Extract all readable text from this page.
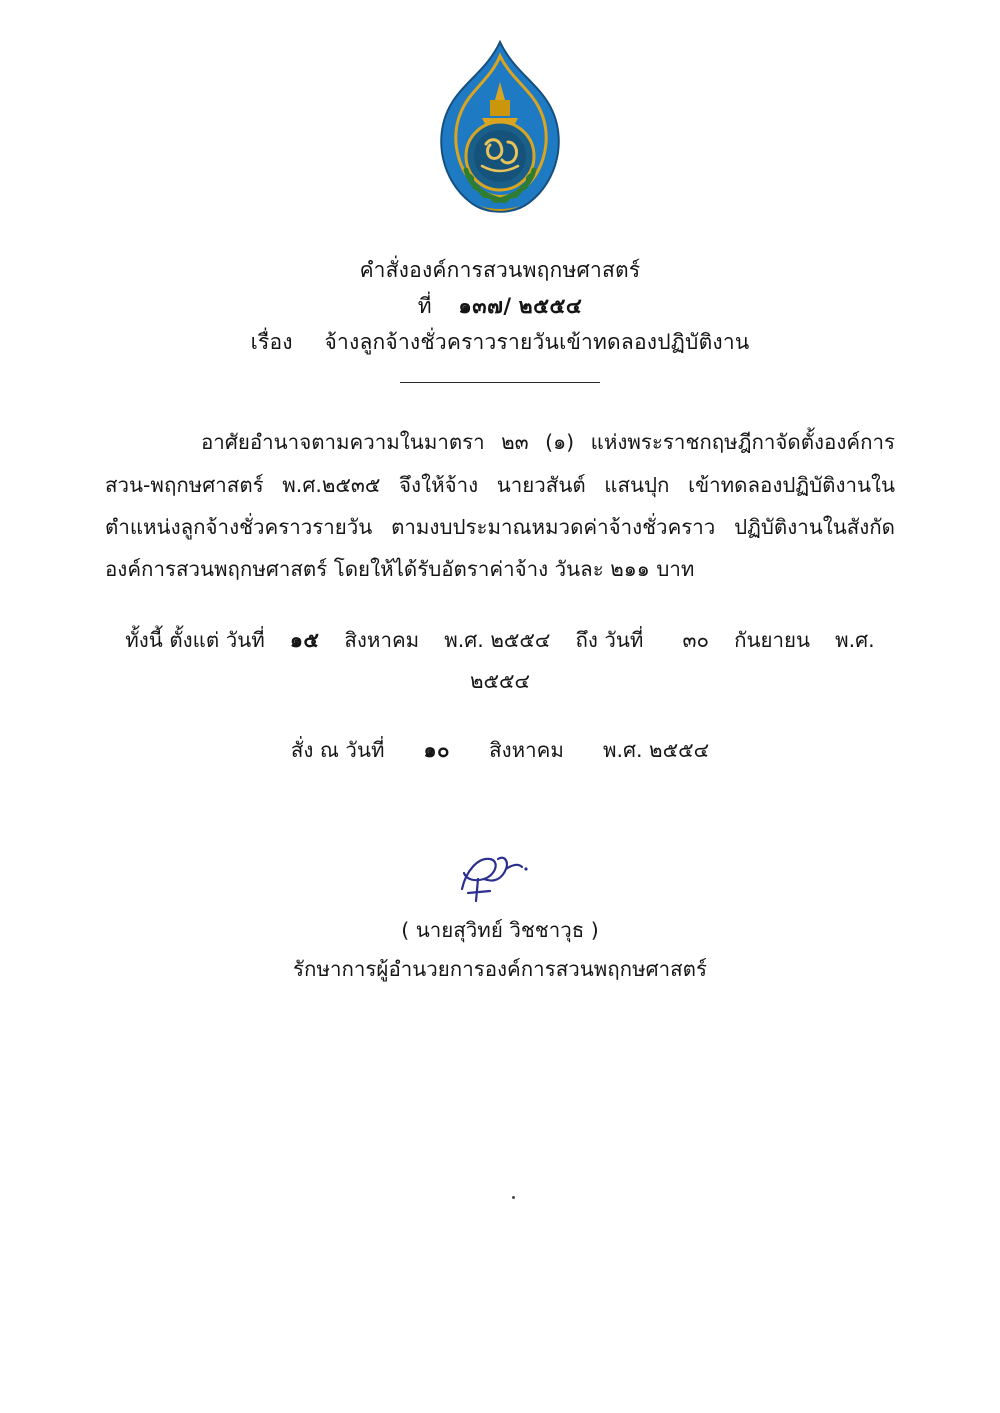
คำสั่งองค์การสวนพฤกษศาสตร์
ที่ ๑๓๗/ ๒๕๕๔
เรื่อง จ้างลูกจ้างชั่วคราวรายวันเข้าทดลองปฏิบัติงาน

อาศัยอำนาจตามความในมาตรา ๒๓ (๑) แห่งพระราชกฤษฎีกาจัดตั้งองค์การสวน-พฤกษศาสตร์ พ.ศ.๒๕๓๕ จึงให้จ้าง นายวสันต์ แสนปุก เข้าทดลองปฏิบัติงานในตำแหน่งลูกจ้างชั่วคราวรายวัน ตามงบประมาณหมวดค่าจ้างชั่วคราว ปฏิบัติงานในสังกัดองค์การสวนพฤกษศาสตร์ โดยให้ได้รับอัตราค่าจ้าง วันละ ๒๑๑ บาท

ทั้งนี้ ตั้งแต่ วันที่ ๑๕ สิงหาคม พ.ศ. ๒๕๕๔ ถึง วันที่ ๓๐ กันยายน พ.ศ. ๒๕๕๔
สั่ง ณ วันที่ ๑๐ สิงหาคม พ.ศ. ๒๕๕๔
( นายสุวิทย์ วิชชาวุธ )
รักษาการผู้อำนวยการองค์การสวนพฤกษศาสตร์
